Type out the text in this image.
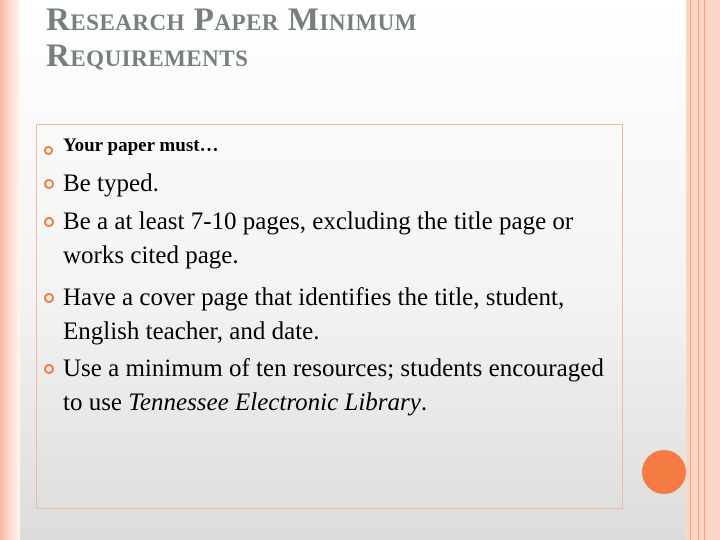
Research Paper Minimum
Requirements
Your paper must…
Be typed.
Be a at least 7-10 pages, excluding the title page or works cited page.
Have a cover page that identifies the title, student, English teacher, and date.
Use a minimum of ten resources; students encouraged to use Tennessee Electronic Library.
